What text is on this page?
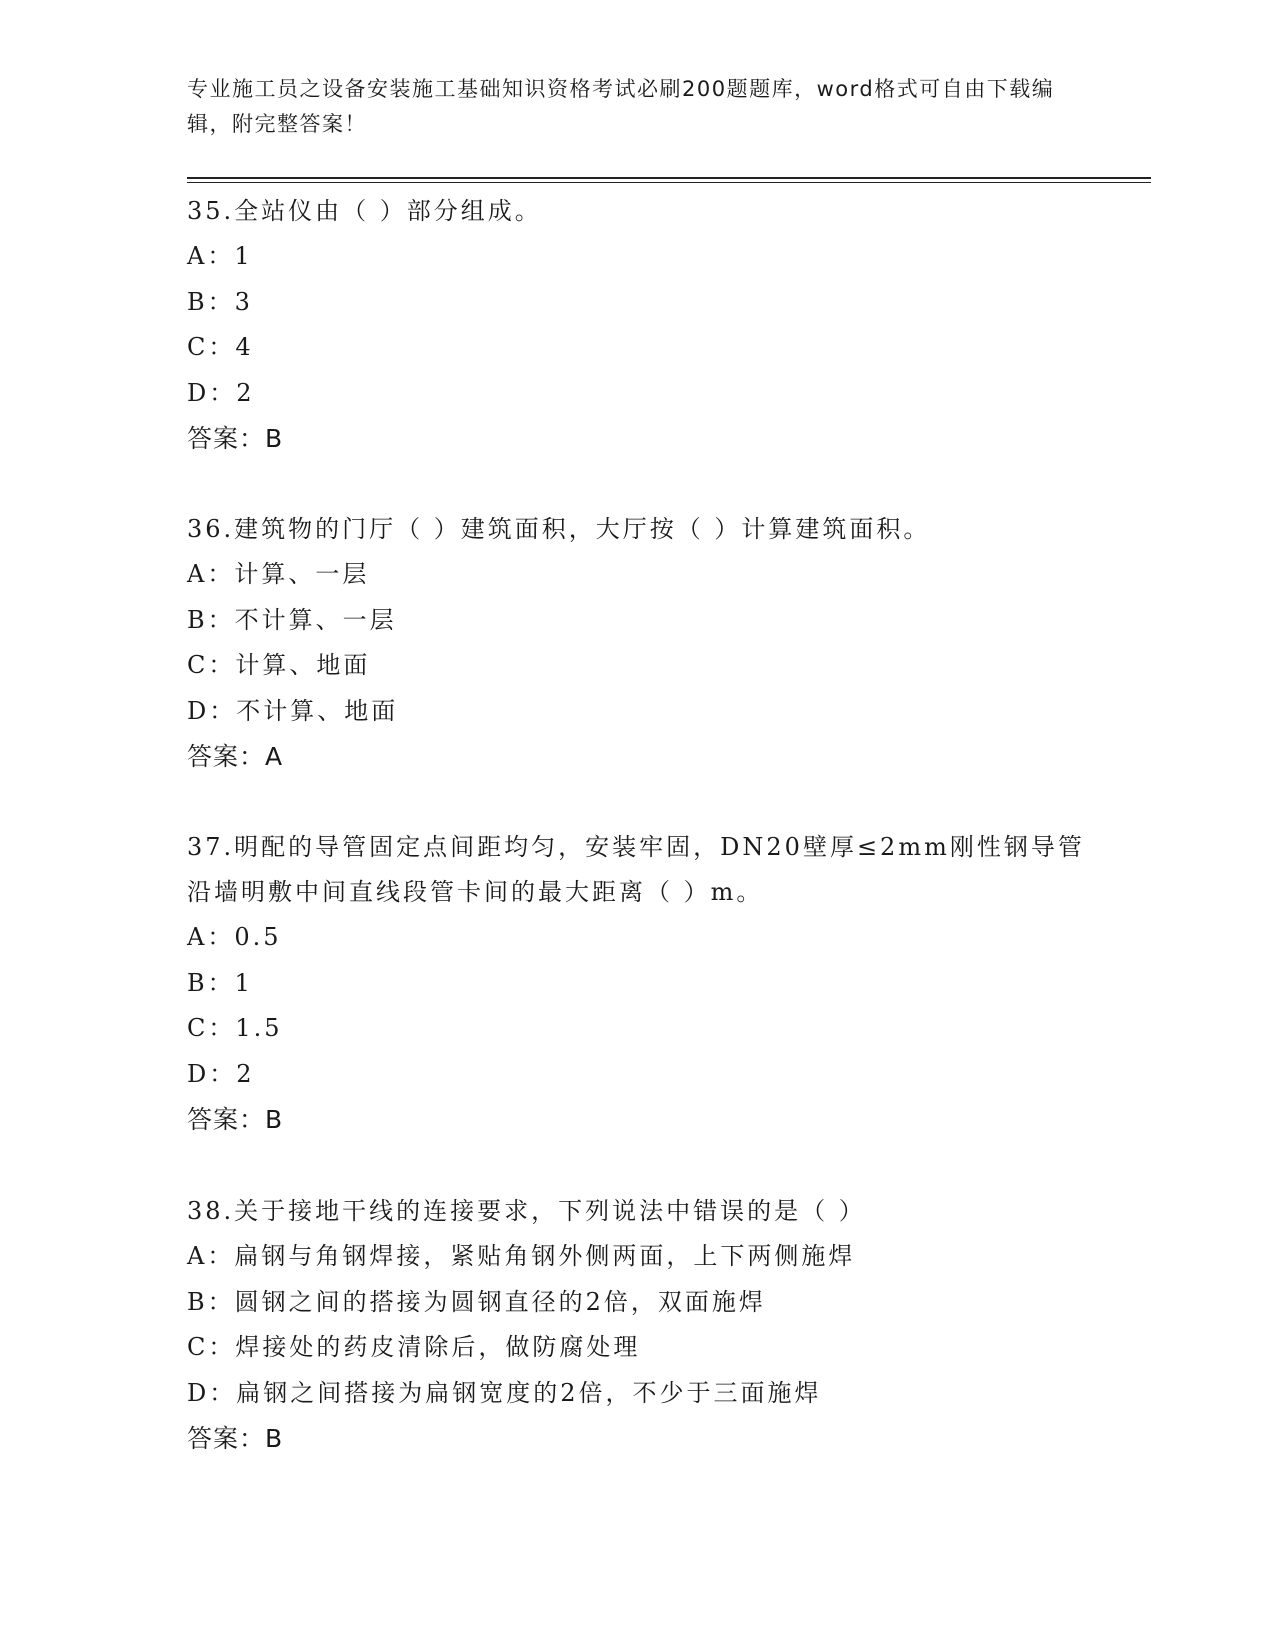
专业施工员之设备安装施工基础知识资格考试必刷200题题库，word格式可自由下载编辑，附完整答案！
35.全站仪由（ ）部分组成。
A：1
B：3
C：4
D：2
答案：B
36.建筑物的门厅（ ）建筑面积，大厅按（ ）计算建筑面积。
A：计算、一层
B：不计算、一层
C：计算、地面
D：不计算、地面
答案：A
37.明配的导管固定点间距均匀，安装牢固，DN20壁厚≤2mm刚性钢导管沿墙明敷中间直线段管卡间的最大距离（ ）m。
A：0.5
B：1
C：1.5
D：2
答案：B
38.关于接地干线的连接要求，下列说法中错误的是（ ）
A：扁钢与角钢焊接，紧贴角钢外侧两面，上下两侧施焊
B：圆钢之间的搭接为圆钢直径的2倍，双面施焊
C：焊接处的药皮清除后，做防腐处理
D：扁钢之间搭接为扁钢宽度的2倍，不少于三面施焊
答案：B
